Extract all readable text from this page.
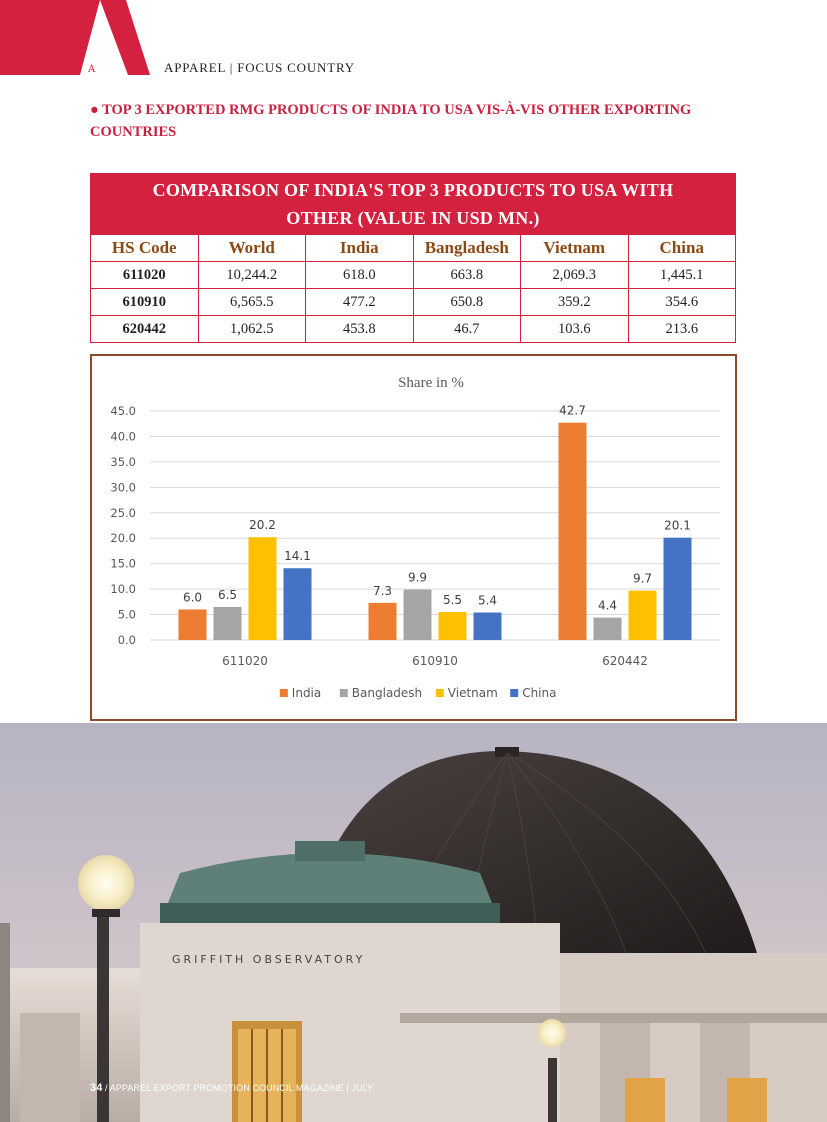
A	APPAREL | FOCUS COUNTRY
● TOP 3 EXPORTED RMG PRODUCTS OF INDIA TO USA VIS-À-VIS OTHER EXPORTING COUNTRIES
COMPARISON OF INDIA'S TOP 3 PRODUCTS TO USA WITH
OTHER (VALUE IN USD MN.)
HS Code	World	India	Bangladesh	Vietnam	China
611020	10,244.2	618.0	663.8	2,069.3	1,445.1
610910	6,565.5	477.2	650.8	359.2	354.6
620442	1,062.5	453.8	46.7	103.6	213.6
Share in %
0.0
5.0
10.0
15.0
20.0
25.0
30.0
35.0
40.0
45.0
6.0 6.5
20.2
14.1
611020
7.3
9.9
5.5 5.4
610910
42.7
4.4
9.7
20.1
620442
India	Bangladesh Vietnam China
GRIFFITH OBSERVATORY
34 / APPAREL EXPORT PROMOTION COUNCIL MAGAZINE | JULY
